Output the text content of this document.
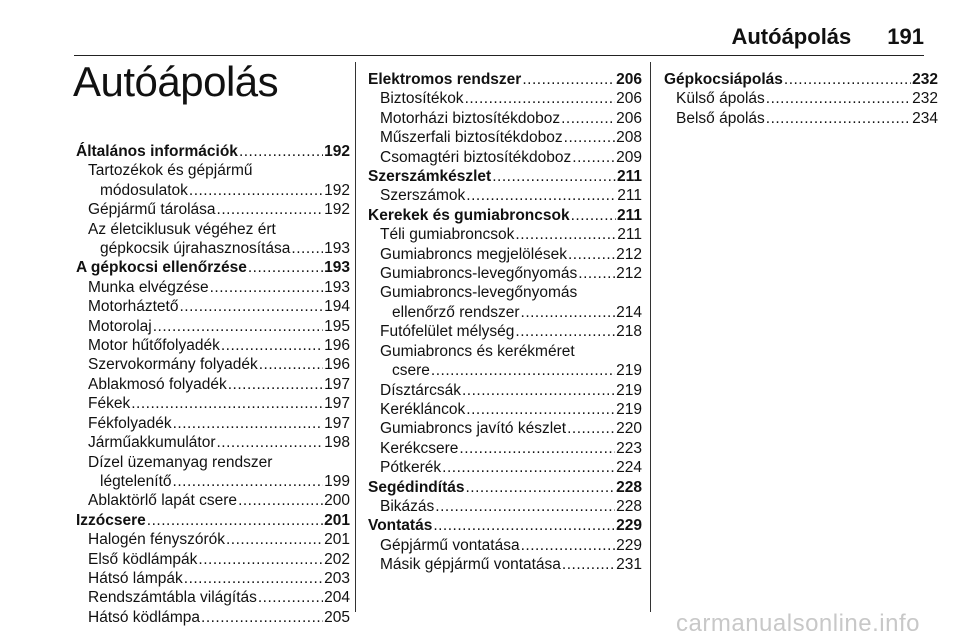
Autóápolás 191
Autóápolás
Általános információk .....	192
Tartozékok és gépjármű
módosulatok .....	192
Gépjármű tárolása .....	192
Az életciklusuk végéhez ért
gépkocsik újrahasznosítása ..... 193
A gépkocsi ellenőrzése .....	193
Munka elvégzése .....	193
Motorháztető .....	194
Motorolaj .....	195
Motor hűtőfolyadék .....	196
Szervokormány folyadék .....	196
Ablakmosó folyadék .....	197
Fékek .....	197
Fékfolyadék .....	197
Járműakkumulátor .....	198
Dízel üzemanyag rendszer
légtelenítő .....	199
Ablaktörlő lapát csere .....	200
Izzócsere .....	201
Halogén fényszórók .....	201
Első ködlámpák .....	202
Hátsó lámpák .....	203
Rendszámtábla világítás .....	204
Hátsó ködlámpa .....	205
Elektromos rendszer .....	206
Biztosítékok .....	206
Motorházi biztosítékdoboz .....	206
Műszerfali biztosítékdoboz .....	208
Csomagtéri biztosítékdoboz .....	209
Szerszámkészlet .....	211
Szerszámok .....	211
Kerekek és gumiabroncsok .....	211
Téli gumiabroncsok .....	211
Gumiabroncs megjelölések .....	212
Gumiabroncs-levegőnyomás .....	212
Gumiabroncs-levegőnyomás
ellenőrző rendszer .....	214
Futófelület mélység .....	218
Gumiabroncs és kerékméret
csere .....	219
Dísztárcsák .....	219
Kerékláncok .....	219
Gumiabroncs javító készlet .....	220
Kerékcsere .....	223
Pótkerék .....	224
Segédindítás .....	228
Bikázás .....	228
Vontatás .....	229
Gépjármű vontatása .....	229
Másik gépjármű vontatása .....	231
Gépkocsiápolás .....	232
Külső ápolás .....	232
Belső ápolás .....	234
carmanualsonline.info
